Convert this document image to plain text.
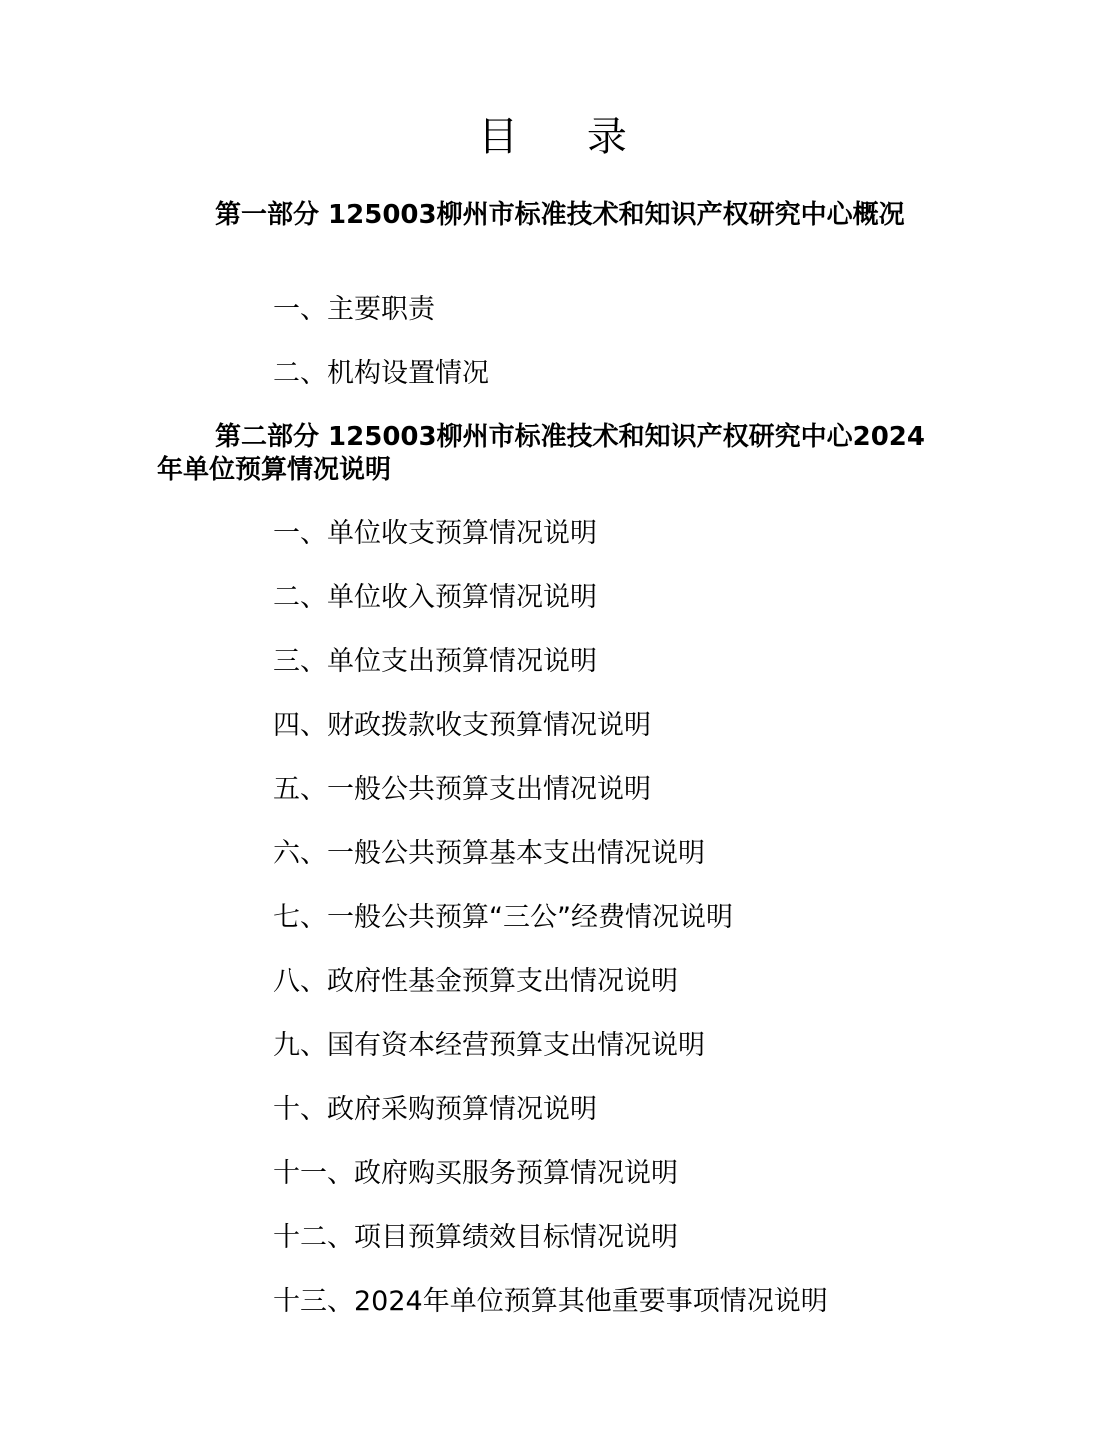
目 录
第一部分 125003柳州市标准技术和知识产权研究中心概况
一、主要职责
二、机构设置情况
第二部分 125003柳州市标准技术和知识产权研究中心2024年单位预算情况说明
一、单位收支预算情况说明
二、单位收入预算情况说明
三、单位支出预算情况说明
四、财政拨款收支预算情况说明
五、一般公共预算支出情况说明
六、一般公共预算基本支出情况说明
七、一般公共预算“三公”经费情况说明
八、政府性基金预算支出情况说明
九、国有资本经营预算支出情况说明
十、政府采购预算情况说明
十一、政府购买服务预算情况说明
十二、项目预算绩效目标情况说明
十三、2024年单位预算其他重要事项情况说明
